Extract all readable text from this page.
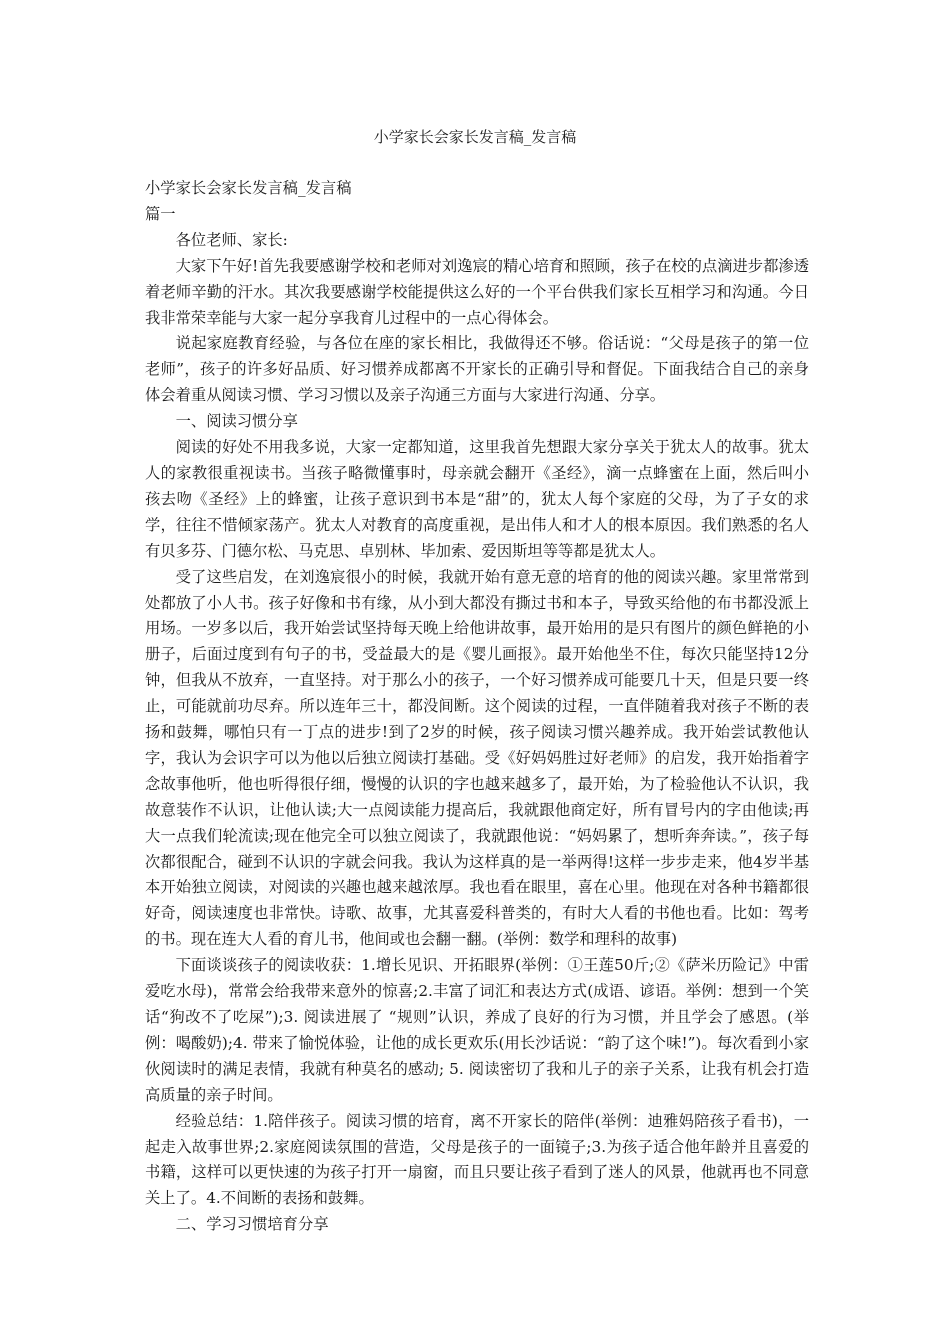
小学家长会家长发言稿_发言稿

小学家长会家长发言稿_发言稿

篇一

各位老师、家长:

大家下午好!首先我要感谢学校和老师对刘逸宸的精心培育和照顾，孩子在校的点滴进步都渗透着老师辛勤的汗水。其次我要感谢学校能提供这么好的一个平台供我们家长互相学习和沟通。今日我非常荣幸能与大家一起分享我育儿过程中的一点心得体会。

说起家庭教育经验，与各位在座的家长相比，我做得还不够。俗话说：“父母是孩子的第一位老师”，孩子的许多好品质、好习惯养成都离不开家长的正确引导和督促。下面我结合自己的亲身体会着重从阅读习惯、学习习惯以及亲子沟通三方面与大家进行沟通、分享。

一、阅读习惯分享

阅读的好处不用我多说，大家一定都知道，这里我首先想跟大家分享关于犹太人的故事。犹太人的家教很重视读书。当孩子略微懂事时，母亲就会翻开《圣经》，滴一点蜂蜜在上面，然后叫小孩去吻《圣经》上的蜂蜜，让孩子意识到书本是“甜”的，犹太人每个家庭的父母，为了子女的求学，往往不惜倾家荡产。犹太人对教育的高度重视，是出伟人和才人的根本原因。我们熟悉的名人有贝多芬、门德尔松、马克思、卓别林、毕加索、爱因斯坦等等都是犹太人。

受了这些启发，在刘逸宸很小的时候，我就开始有意无意的培育的他的阅读兴趣。家里常常到处都放了小人书。孩子好像和书有缘，从小到大都没有撕过书和本子，导致买给他的布书都没派上用场。一岁多以后，我开始尝试坚持每天晚上给他讲故事，最开始用的是只有图片的颜色鲜艳的小册子，后面过度到有句子的书，受益最大的是《婴儿画报》。最开始他坐不住，每次只能坚持12分钟，但我从不放弃，一直坚持。对于那么小的孩子，一个好习惯养成可能要几十天，但是只要一终止，可能就前功尽弃。所以连年三十，都没间断。这个阅读的过程，一直伴随着我对孩子不断的表扬和鼓舞，哪怕只有一丁点的进步!到了2岁的时候，孩子阅读习惯兴趣养成。我开始尝试教他认字，我认为会识字可以为他以后独立阅读打基础。受《好妈妈胜过好老师》的启发，我开始指着字念故事他听，他也听得很仔细，慢慢的认识的字也越来越多了，最开始，为了检验他认不认识，我故意装作不认识，让他认读;大一点阅读能力提高后，我就跟他商定好，所有冒号内的字由他读;再大一点我们轮流读;现在他完全可以独立阅读了，我就跟他说：“妈妈累了，想听奔奔读。”，孩子每次都很配合，碰到不认识的字就会问我。我认为这样真的是一举两得!这样一步步走来，他4岁半基本开始独立阅读，对阅读的兴趣也越来越浓厚。我也看在眼里，喜在心里。他现在对各种书籍都很好奇，阅读速度也非常快。诗歌、故事，尤其喜爱科普类的，有时大人看的书他也看。比如：驾考的书。现在连大人看的育儿书，他间或也会翻一翻。(举例：数学和理科的故事)

下面谈谈孩子的阅读收获：1.增长见识、开拓眼界(举例：①王莲50斤;②《萨米历险记》中雷爱吃水母)，常常会给我带来意外的惊喜;2.丰富了词汇和表达方式(成语、谚语。举例：想到一个笑话“狗改不了吃屎”);3. 阅读进展了 “规则”认识，养成了良好的行为习惯，并且学会了感恩。(举例：喝酸奶);4. 带来了愉悦体验，让他的成长更欢乐(用长沙话说：“韵了这个味!”)。每次看到小家伙阅读时的满足表情，我就有种莫名的感动; 5. 阅读密切了我和儿子的亲子关系，让我有机会打造高质量的亲子时间。

经验总结：1.陪伴孩子。阅读习惯的培育，离不开家长的陪伴(举例：迪雅妈陪孩子看书)，一起走入故事世界;2.家庭阅读氛围的营造，父母是孩子的一面镜子;3.为孩子适合他年龄并且喜爱的书籍，这样可以更快速的为孩子打开一扇窗，而且只要让孩子看到了迷人的风景，他就再也不同意关上了。4.不间断的表扬和鼓舞。

二、学习习惯培育分享
